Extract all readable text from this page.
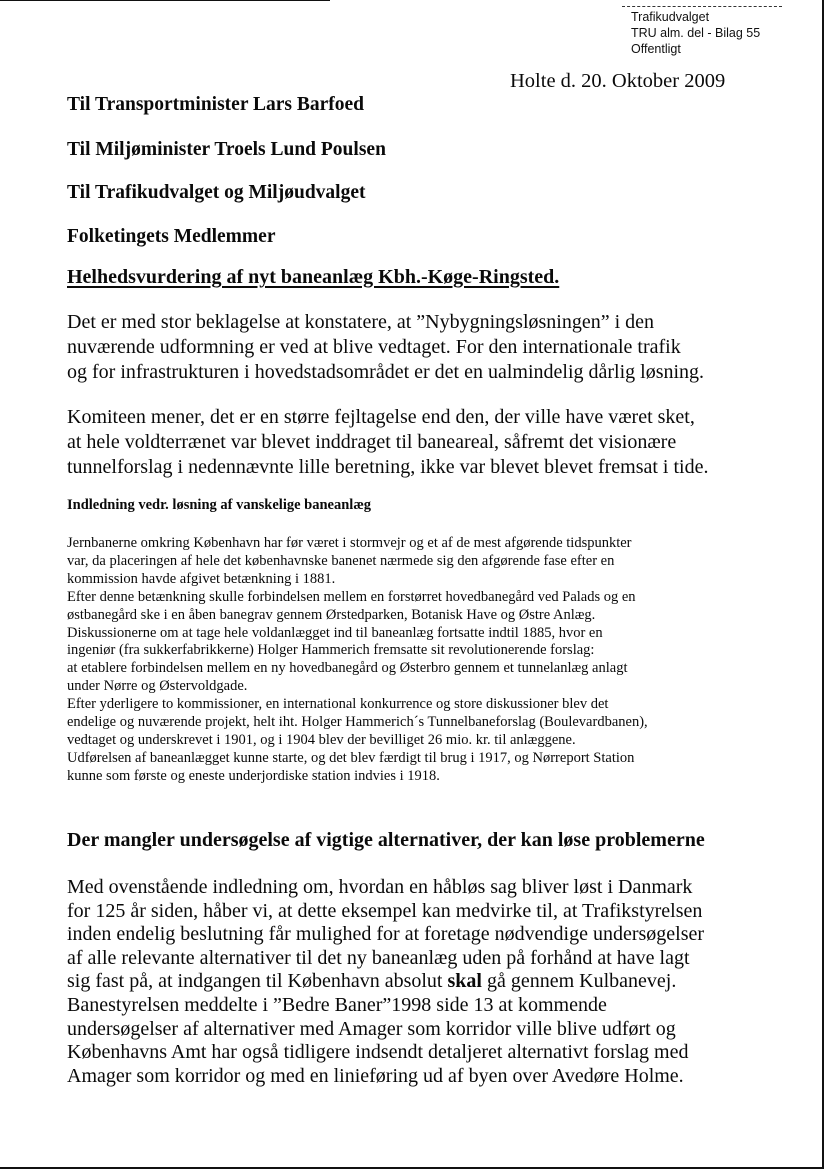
Trafikudvalget
TRU alm. del - Bilag 55
Offentligt
Holte d. 20. Oktober 2009
Til Transportminister Lars Barfoed
Til Miljøminister Troels Lund Poulsen
Til Trafikudvalget og Miljøudvalget
Folketingets Medlemmer
Helhedsvurdering af nyt baneanlæg Kbh.-Køge-Ringsted.
Det er med stor beklagelse at konstatere, at ”Nybygningsløsningen” i den
nuværende udformning er ved at blive vedtaget. For den internationale trafik
og for infrastrukturen i hovedstadsområdet er det en ualmindelig dårlig løsning.
Komiteen mener, det er en større fejltagelse end den, der ville have været sket,
at hele voldterrænet var blevet inddraget til baneareal, såfremt det visionære
tunnelforslag i nedennævnte lille beretning, ikke var blevet blevet fremsat i tide.
Indledning vedr. løsning af vanskelige baneanlæg
Jernbanerne omkring København har før været i stormvejr og et af de mest afgørende tidspunkter
var, da placeringen af hele det københavnske banenet nærmede sig den afgørende fase efter en
kommission havde afgivet betænkning i 1881.
Efter denne betænkning skulle forbindelsen mellem en forstørret hovedbanegård ved Palads og en
østbanegård ske i en åben banegrav gennem Ørstedparken, Botanisk Have og Østre Anlæg.
Diskussionerne om at tage hele voldanlægget ind til baneanlæg fortsatte indtil 1885, hvor en
ingeniør (fra sukkerfabrikkerne) Holger Hammerich fremsatte sit revolutionerende forslag:
at etablere forbindelsen mellem en ny hovedbanegård og Østerbro gennem et tunnelanlæg anlagt
under Nørre og Østervoldgade.
Efter yderligere to kommissioner, en international konkurrence og store diskussioner blev det
endelige og nuværende projekt, helt iht. Holger Hammerich´s Tunnelbaneforslag (Boulevardbanen),
vedtaget og underskrevet i 1901, og i 1904 blev der bevilliget 26 mio. kr. til anlæggene.
Udførelsen af baneanlægget kunne starte, og det blev færdigt til brug i 1917, og Nørreport Station
kunne som første og eneste underjordiske station indvies i 1918.
Der mangler undersøgelse af vigtige alternativer, der kan løse problemerne
Med ovenstående indledning om, hvordan en håbløs sag bliver løst i Danmark
for 125 år siden, håber vi, at dette eksempel kan medvirke til, at Trafikstyrelsen
inden endelig beslutning får mulighed for at foretage nødvendige undersøgelser
af alle relevante alternativer til det ny baneanlæg uden på forhånd at have lagt
sig fast på, at indgangen til København absolut skal gå gennem Kulbanevej.
Banestyrelsen meddelte i ”Bedre Baner”1998 side 13 at kommende
undersøgelser af alternativer med Amager som korridor ville blive udført og
Københavns Amt har også tidligere indsendt detaljeret alternativt forslag med
Amager som korridor og med en linieføring ud af byen over Avedøre Holme.
